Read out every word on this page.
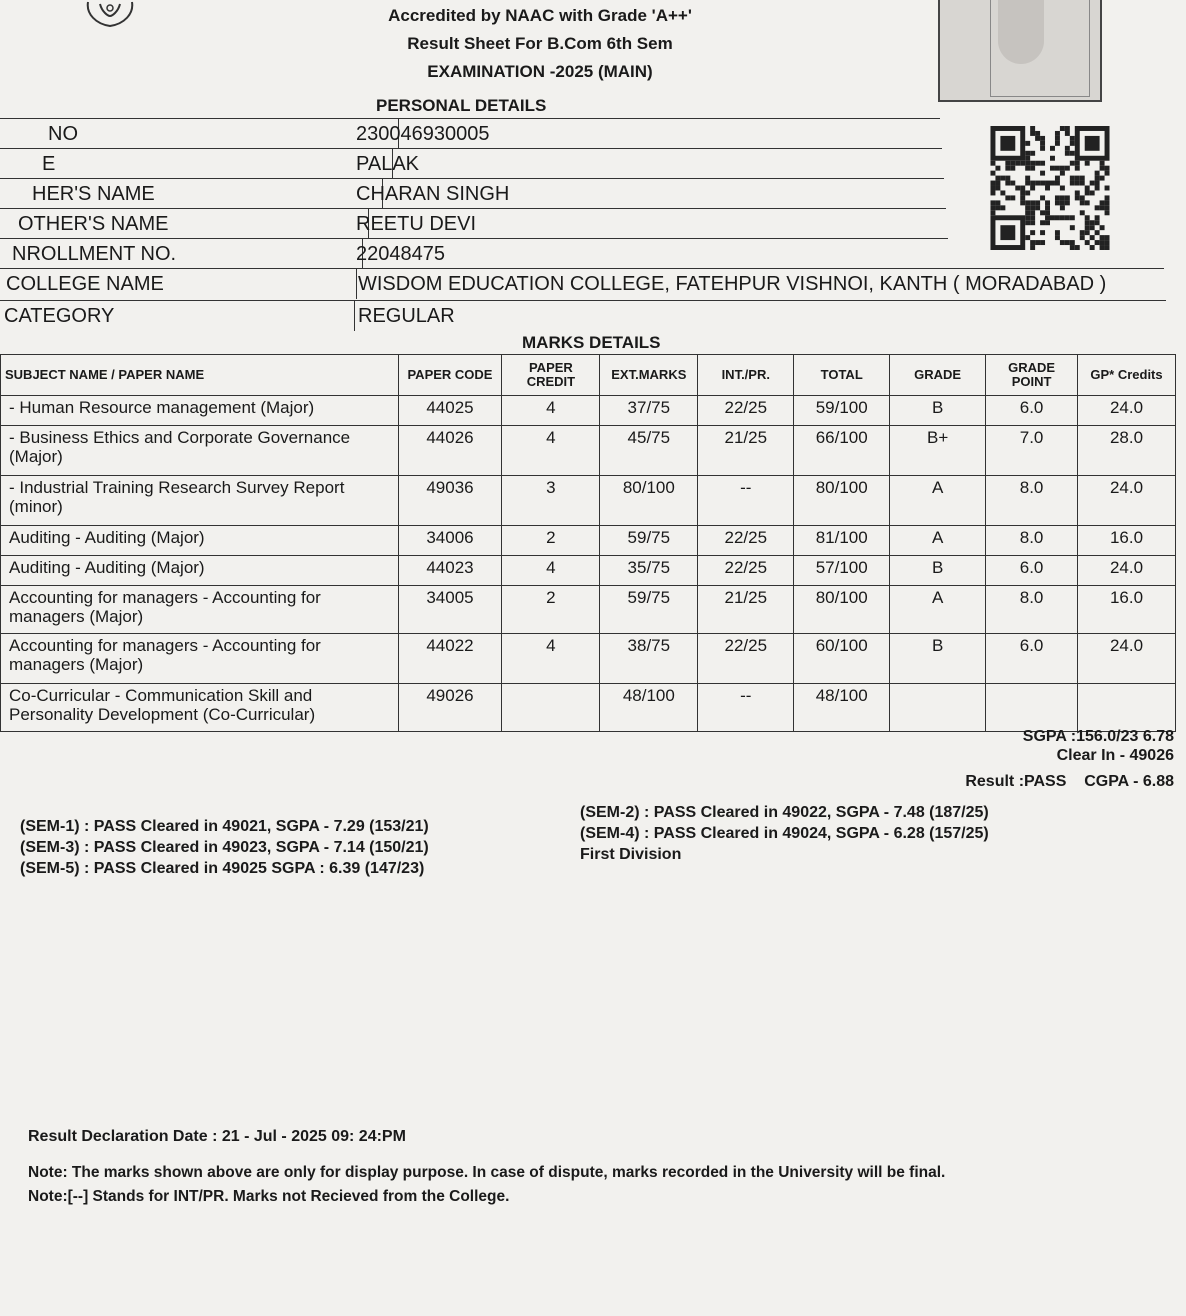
Accredited by NAAC with Grade 'A++'
Result Sheet For B.Com 6th Sem
EXAMINATION -2025 (MAIN)
PERSONAL DETAILS
NO	230046930005
E	PALAK
HER'S NAME	CHARAN SINGH
OTHER'S NAME	REETU DEVI
NROLLMENT NO.	22048475
COLLEGE NAME	WISDOM EDUCATION COLLEGE, FATEHPUR VISHNOI, KANTH ( MORADABAD )
CATEGORY	REGULAR
MARKS DETAILS
SUBJECT NAME / PAPER NAME	PAPER CODE	PAPER CREDIT	EXT.MARKS	INT./PR.	TOTAL	GRADE	GRADE POINT	GP* Credits
- Human Resource management (Major)	44025	4	37/75	22/25	59/100	B	6.0	24.0
- Business Ethics and Corporate Governance (Major)	44026	4	45/75	21/25	66/100	B+	7.0	28.0
- Industrial Training Research Survey Report (minor)	49036	3	80/100	--	80/100	A	8.0	24.0
Auditing - Auditing (Major)	34006	2	59/75	22/25	81/100	A	8.0	16.0
Auditing - Auditing (Major)	44023	4	35/75	22/25	57/100	B	6.0	24.0
Accounting for managers - Accounting for managers (Major)	34005	2	59/75	21/25	80/100	A	8.0	16.0
Accounting for managers - Accounting for managers (Major)	44022	4	38/75	22/25	60/100	B	6.0	24.0
Co-Curricular - Communication Skill and Personality Development (Co-Curricular)	49026		48/100	--	48/100			
SGPA :156.0/23 6.78
Clear In - 49026
Result :PASS CGPA - 6.88
(SEM-1) : PASS Cleared in 49021, SGPA - 7.29 (153/21)
(SEM-3) : PASS Cleared in 49023, SGPA - 7.14 (150/21)
(SEM-5) : PASS Cleared in 49025 SGPA : 6.39 (147/23)
(SEM-2) : PASS Cleared in 49022, SGPA - 7.48 (187/25)
(SEM-4) : PASS Cleared in 49024, SGPA - 6.28 (157/25)
First Division
Result Declaration Date : 21 - Jul - 2025 09: 24:PM
Note: The marks shown above are only for display purpose. In case of dispute, marks recorded in the University will be final.
Note:[--] Stands for INT/PR. Marks not Recieved from the College.
